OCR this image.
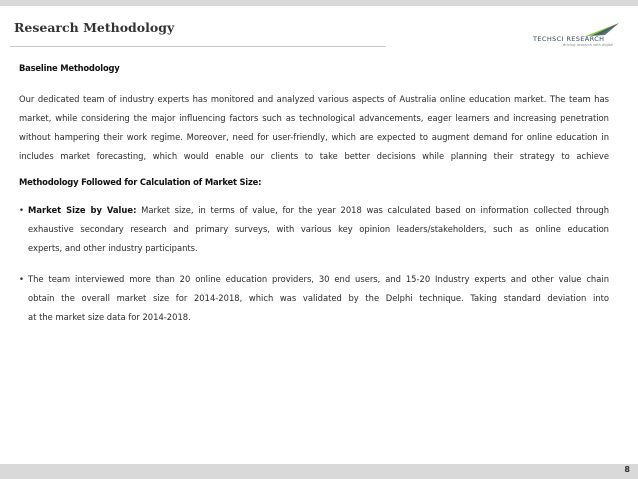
Research Methodology
TECHSCI RESEARCH
driving research with digital
Baseline Methodology
Our dedicated team of industry experts has monitored and analyzed various aspects of Australia online education market. The team has
market, while considering the major influencing factors such as technological advancements, eager learners and increasing penetration
without hampering their work regime. Moreover, need for user-friendly, which are expected to augment demand for online education in
includes market forecasting, which would enable our clients to take better decisions while planning their strategy to achieve
Methodology Followed for Calculation of Market Size:
• Market Size by Value: Market size, in terms of value, for the year 2018 was calculated based on information collected through
exhaustive secondary research and primary surveys, with various key opinion leaders/stakeholders, such as online education
experts, and other industry participants.
• The team interviewed more than 20 online education providers, 30 end users, and 15-20 Industry experts and other value chain
obtain the overall market size for 2014-2018, which was validated by the Delphi technique. Taking standard deviation into
at the market size data for 2014-2018.
8
